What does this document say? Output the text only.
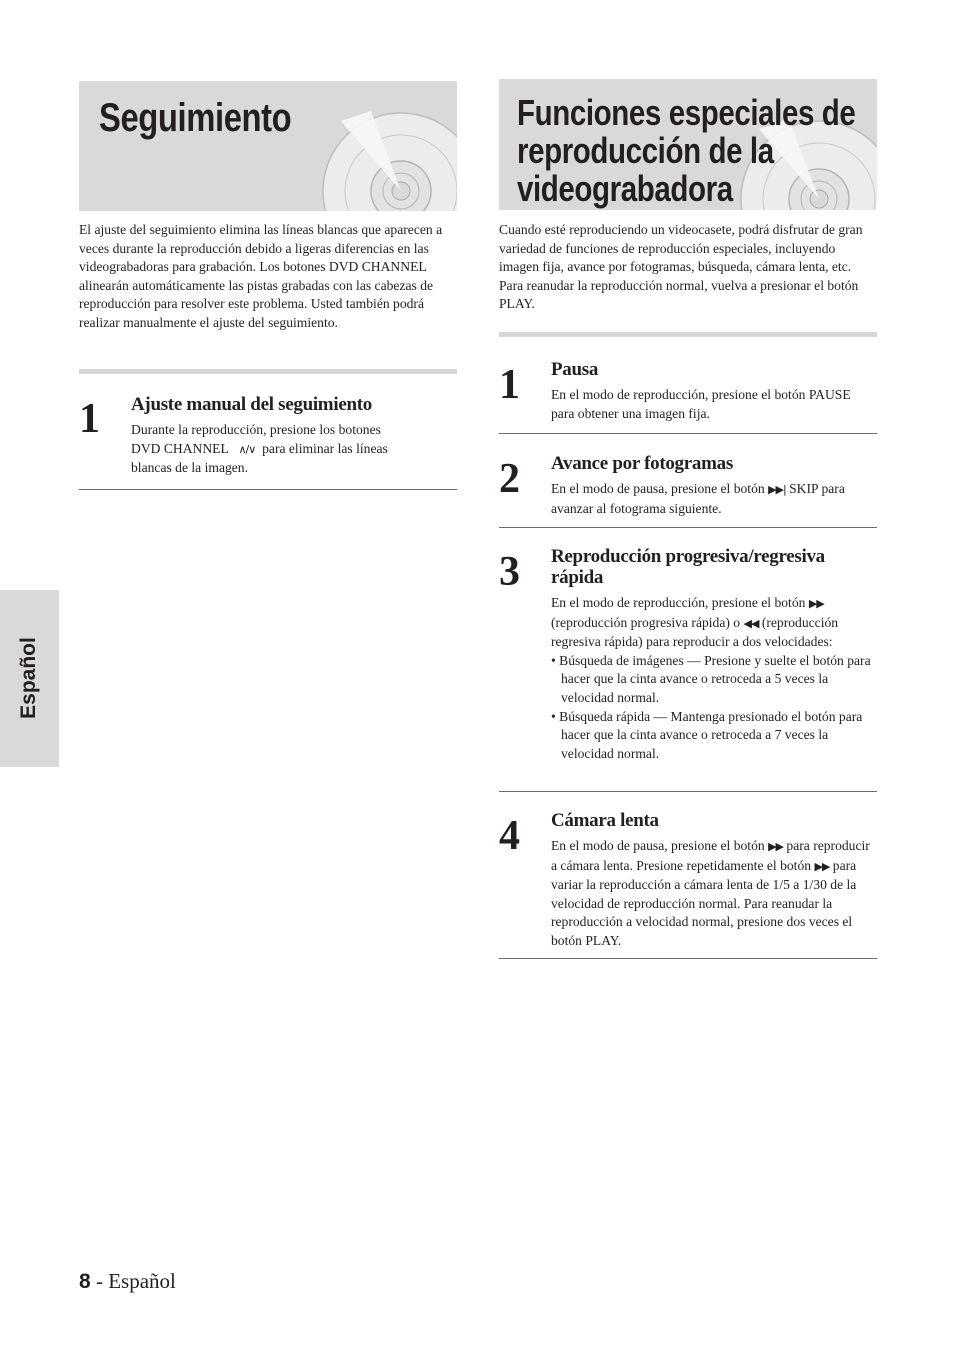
Seguimiento

El ajuste del seguimiento elimina las líneas blancas que aparecen a veces durante la reproducción debido a ligeras diferencias en las videograbadoras para grabación. Los botones DVD CHANNEL alinearán automáticamente las pistas grabadas con las cabezas de reproducción para resolver este problema. Usted también podrá realizar manualmente el ajuste del seguimiento.

1 Ajuste manual del seguimiento
Durante la reproducción, presione los botones
DVD CHANNEL ∧/∨ para eliminar las líneas
blancas de la imagen.
Funciones especiales de
reproducción de la
videograbadora

Cuando esté reproduciendo un videocasete, podrá disfrutar de gran variedad de funciones de reproducción especiales, incluyendo imagen fija, avance por fotogramas, búsqueda, cámara lenta, etc. Para reanudar la reproducción normal, vuelva a presionar el botón PLAY.

1 Pausa
En el modo de reproducción, presione el botón PAUSE para obtener una imagen fija.
2 Avance por fotogramas
En el modo de pausa, presione el botón ▶▶| SKIP para avanzar al fotograma siguiente.
3 Reproducción progresiva/regresiva
rápida
En el modo de reproducción, presione el botón ▶▶ (reproducción progresiva rápida) o ◀◀ (reproducción regresiva rápida) para reproducir a dos velocidades:
• Búsqueda de imágenes — Presione y suelte el botón para hacer que la cinta avance o retroceda a 5 veces la velocidad normal.
• Búsqueda rápida — Mantenga presionado el botón para hacer que la cinta avance o retroceda a 7 veces la velocidad normal.
4 Cámara lenta
En el modo de pausa, presione el botón ▶▶ para reproducir a cámara lenta. Presione repetidamente el botón ▶▶ para variar la reproducción a cámara lenta de 1/5 a 1/30 de la velocidad de reproducción normal. Para reanudar la reproducción a velocidad normal, presione dos veces el botón PLAY.
Español
8 - Español
